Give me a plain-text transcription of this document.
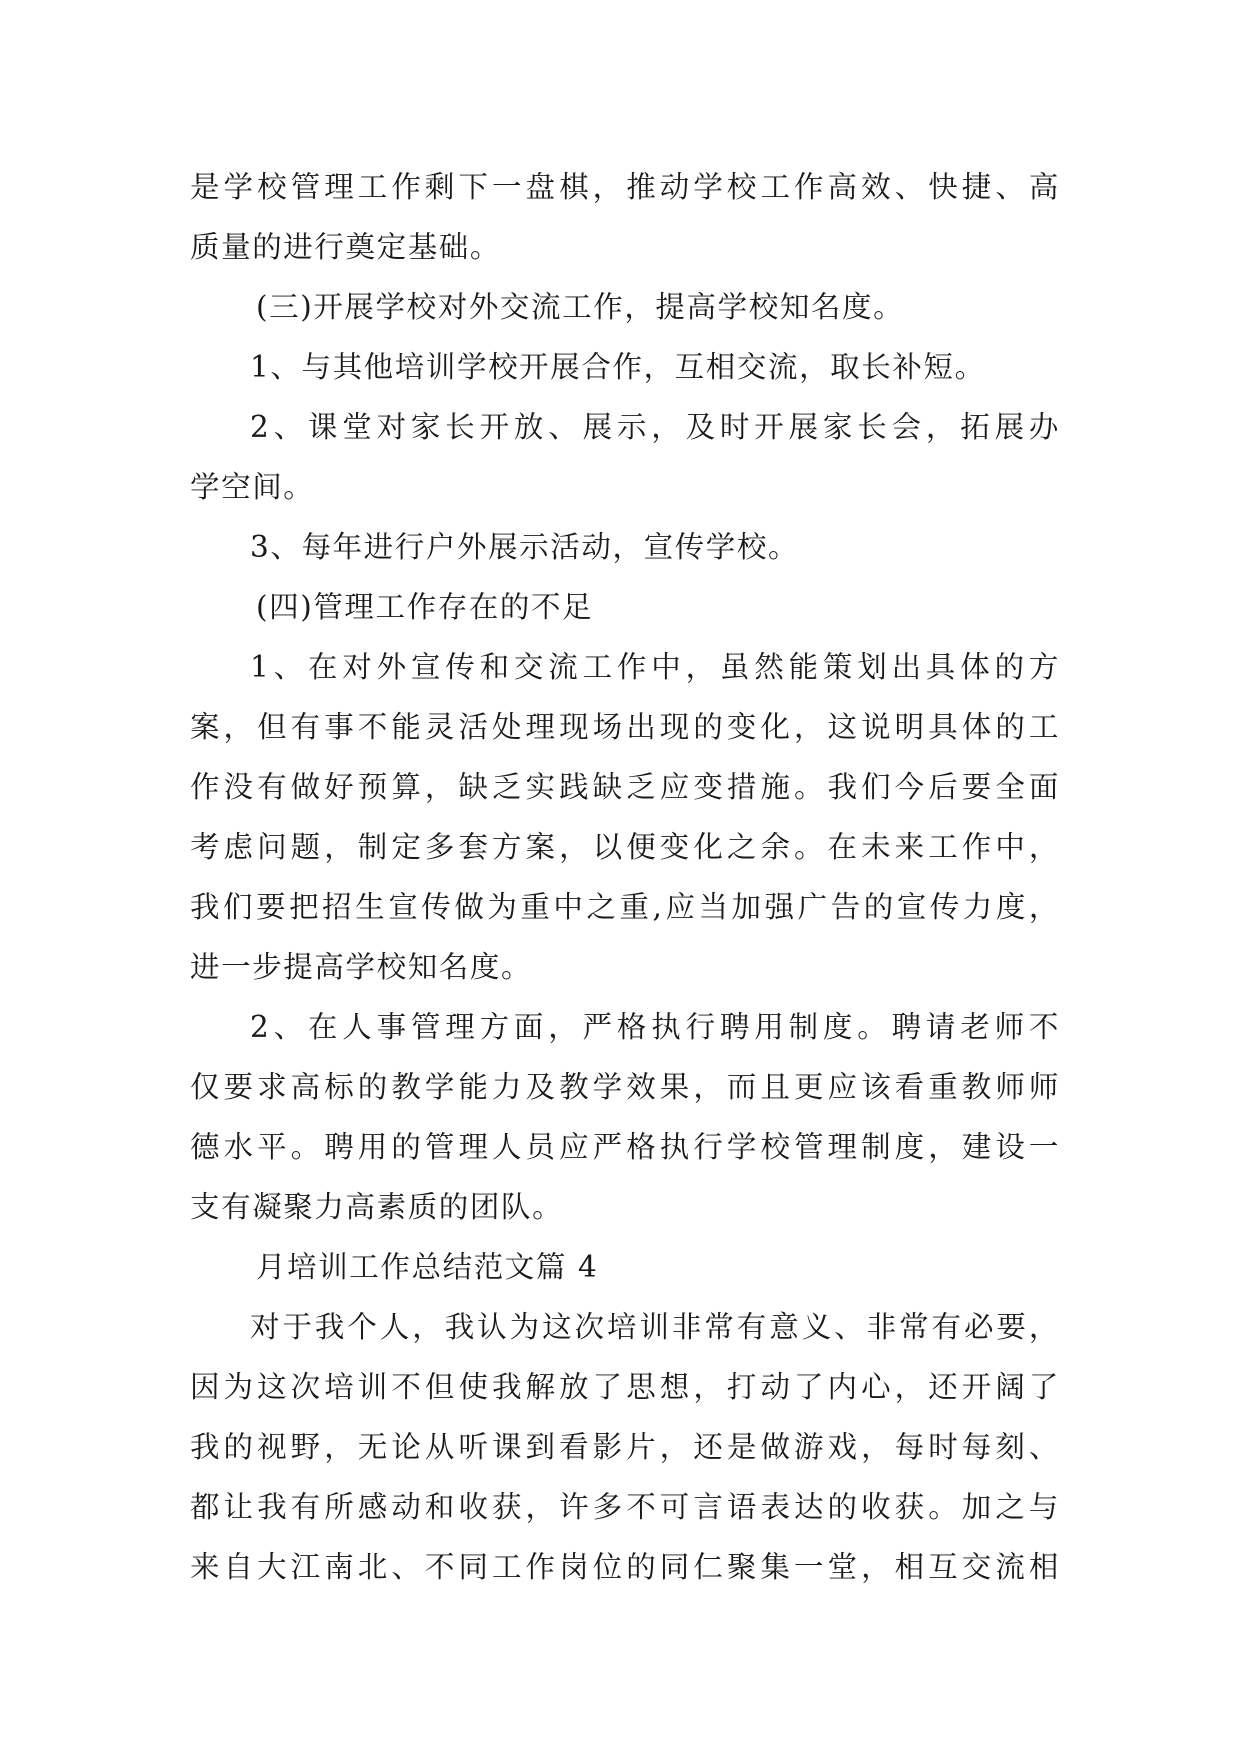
是学校管理工作剩下一盘棋，推动学校工作高效、快捷、高
质量的进行奠定基础。
(三)开展学校对外交流工作，提高学校知名度。
1、与其他培训学校开展合作，互相交流，取长补短。
2、课堂对家长开放、展示，及时开展家长会，拓展办
学空间。
3、每年进行户外展示活动，宣传学校。
(四)管理工作存在的不足
1、在对外宣传和交流工作中，虽然能策划出具体的方
案，但有事不能灵活处理现场出现的变化，这说明具体的工
作没有做好预算，缺乏实践缺乏应变措施。我们今后要全面
考虑问题，制定多套方案，以便变化之余。在未来工作中，
我们要把招生宣传做为重中之重,应当加强广告的宣传力度，
进一步提高学校知名度。
2、在人事管理方面，严格执行聘用制度。聘请老师不
仅要求高标的教学能力及教学效果，而且更应该看重教师师
德水平。聘用的管理人员应严格执行学校管理制度，建设一
支有凝聚力高素质的团队。
月培训工作总结范文篇 4
对于我个人，我认为这次培训非常有意义、非常有必要，
因为这次培训不但使我解放了思想，打动了内心，还开阔了
我的视野，无论从听课到看影片，还是做游戏，每时每刻、
都让我有所感动和收获，许多不可言语表达的收获。加之与
来自大江南北、不同工作岗位的同仁聚集一堂，相互交流相
